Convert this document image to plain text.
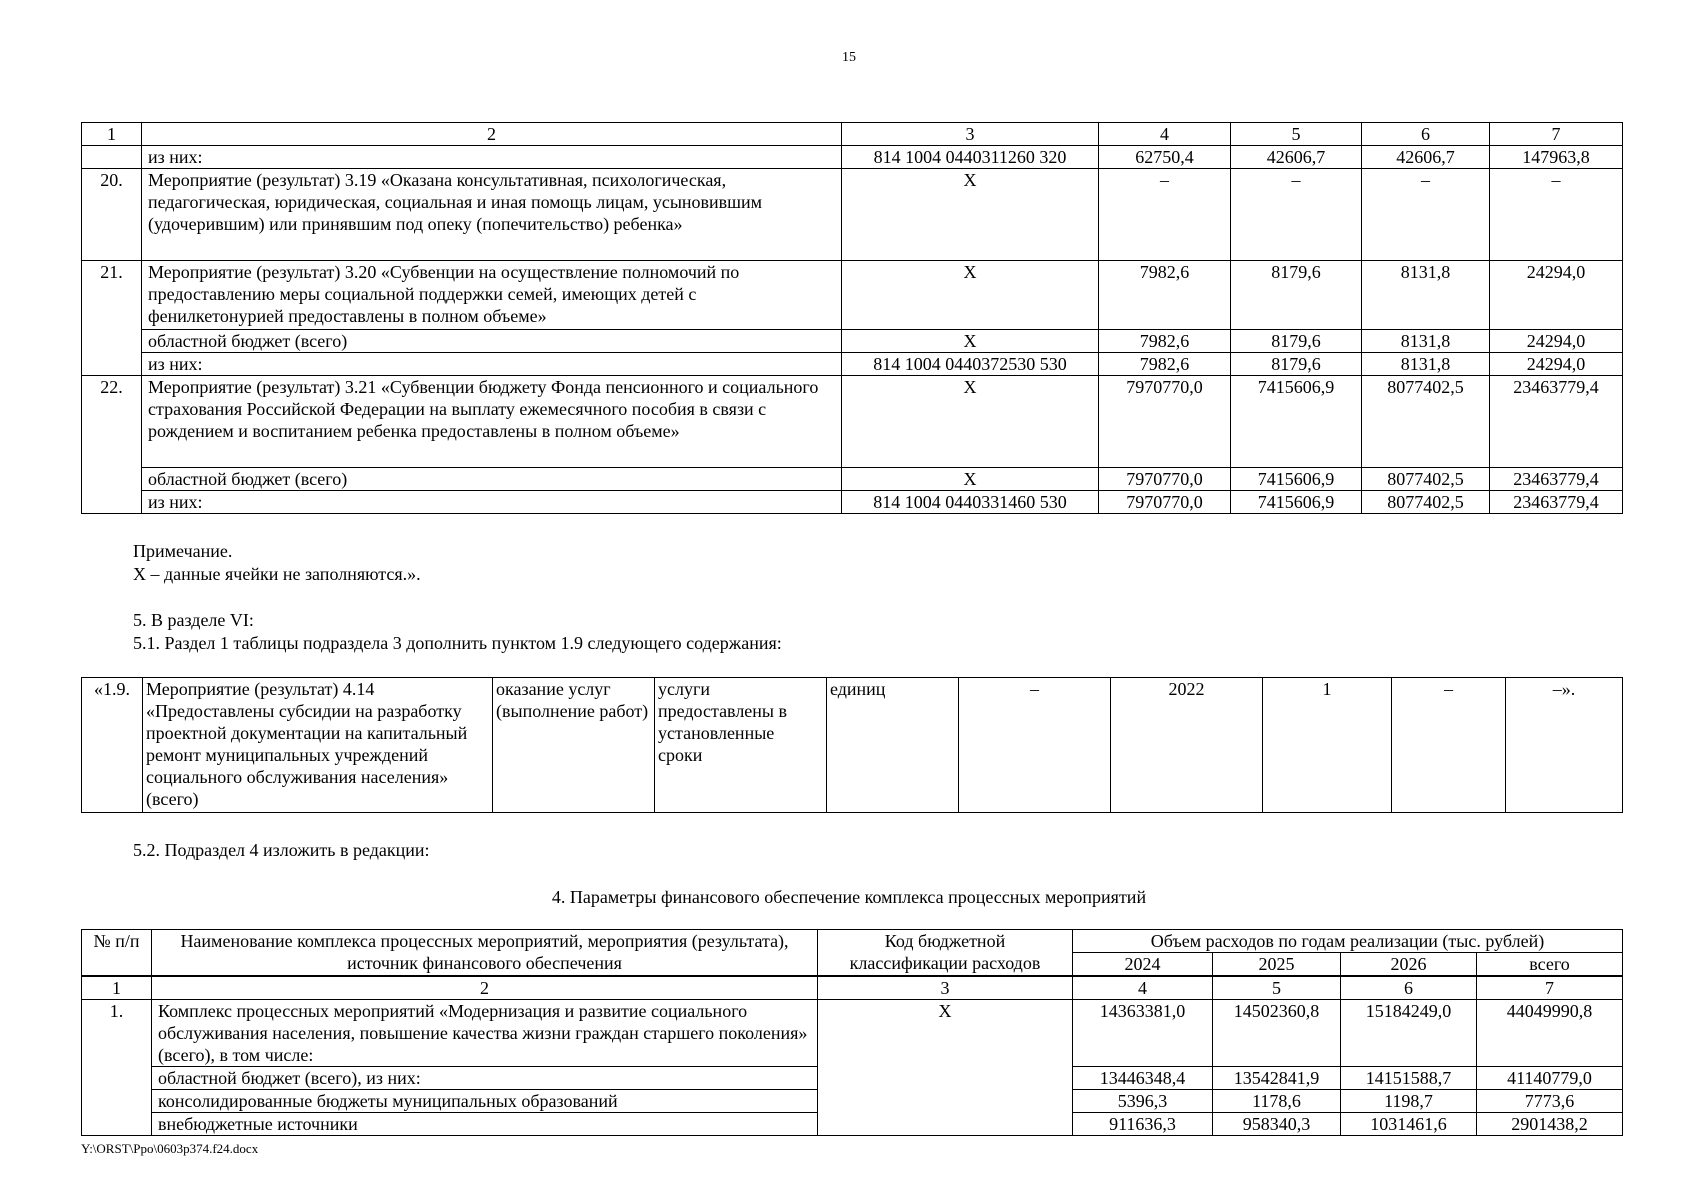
15
1	2	3	4	5	6	7
	из них:	814 1004 0440311260 320	62750,4	42606,7	42606,7	147963,8
20.	Мероприятие (результат) 3.19 «Оказана консультативная, психологическая, педагогическая, юридическая, социальная и иная помощь лицам, усыновившим (удочерившим) или принявшим под опеку (попечительство) ребенка»	X	–	–	–	–
21.	Мероприятие (результат) 3.20 «Субвенции на осуществление полномочий по предоставлению меры социальной поддержки семей, имеющих детей с фенилкетонурией предоставлены в полном объеме»	X	7982,6	8179,6	8131,8	24294,0
	областной бюджет (всего)	X	7982,6	8179,6	8131,8	24294,0
	из них:	814 1004 0440372530 530	7982,6	8179,6	8131,8	24294,0
22.	Мероприятие (результат) 3.21 «Субвенции бюджету Фонда пенсионного и социального страхования Российской Федерации на выплату ежемесячного пособия в связи с рождением и воспитанием ребенка предоставлены в полном объеме»	X	7970770,0	7415606,9	8077402,5	23463779,4
	областной бюджет (всего)	X	7970770,0	7415606,9	8077402,5	23463779,4
	из них:	814 1004 0440331460 530	7970770,0	7415606,9	8077402,5	23463779,4
Примечание.
Х – данные ячейки не заполняются.».
5. В разделе VI:
5.1. Раздел 1 таблицы подраздела 3 дополнить пунктом 1.9 следующего содержания:
«1.9.	Мероприятие (результат) 4.14 «Предоставлены субсидии на разработку проектной документации на капитальный ремонт муниципальных учреждений социального обслуживания населения» (всего)	оказание услуг (выполнение работ)	услуги предоставлены в установленные сроки	единиц	–	2022	1	–	–».
5.2. Подраздел 4 изложить в редакции:
4. Параметры финансового обеспечение комплекса процессных мероприятий
№ п/п	Наименование комплекса процессных мероприятий, мероприятия (результата), источник финансового обеспечения	Код бюджетной классификации расходов	Объем расходов по годам реализации (тыс. рублей)			
			2024	2025	2026	всего
1	2	3	4	5	6	7
1.	Комплекс процессных мероприятий «Модернизация и развитие социального обслуживания населения, повышение качества жизни граждан старшего поколения» (всего), в том числе:	X	14363381,0	14502360,8	15184249,0	44049990,8
	областной бюджет (всего), из них:		13446348,4	13542841,9	14151588,7	41140779,0
	консолидированные бюджеты муниципальных образований		5396,3	1178,6	1198,7	7773,6
	внебюджетные источники		911636,3	958340,3	1031461,6	2901438,2
Y:\ORST\Ppo\0603p374.f24.docx
